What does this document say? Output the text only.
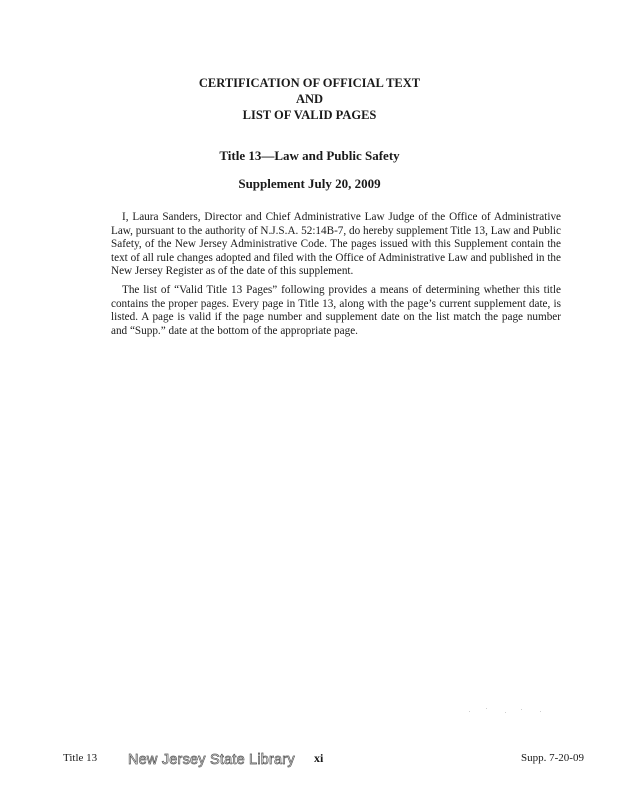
CERTIFICATION OF OFFICIAL TEXT
AND
LIST OF VALID PAGES
Title 13—Law and Public Safety
Supplement July 20, 2009

I, Laura Sanders, Director and Chief Administrative Law Judge of the Office of Administrative Law, pursuant to the authority of N.J.S.A. 52:14B-7, do hereby supplement Title 13, Law and Public Safety, of the New Jersey Administrative Code. The pages issued with this Supplement contain the text of all rule changes adopted and filed with the Office of Administrative Law and published in the New Jersey Register as of the date of this supplement.

The list of “Valid Title 13 Pages” following provides a means of determining whether this title contains the proper pages. Every page in Title 13, along with the page’s current supplement date, is listed. A page is valid if the page number and supplement date on the list match the page number and “Supp.” date at the bottom of the appropriate page.

Title 13 New Jersey State Library xi	Supp. 7-20-09
